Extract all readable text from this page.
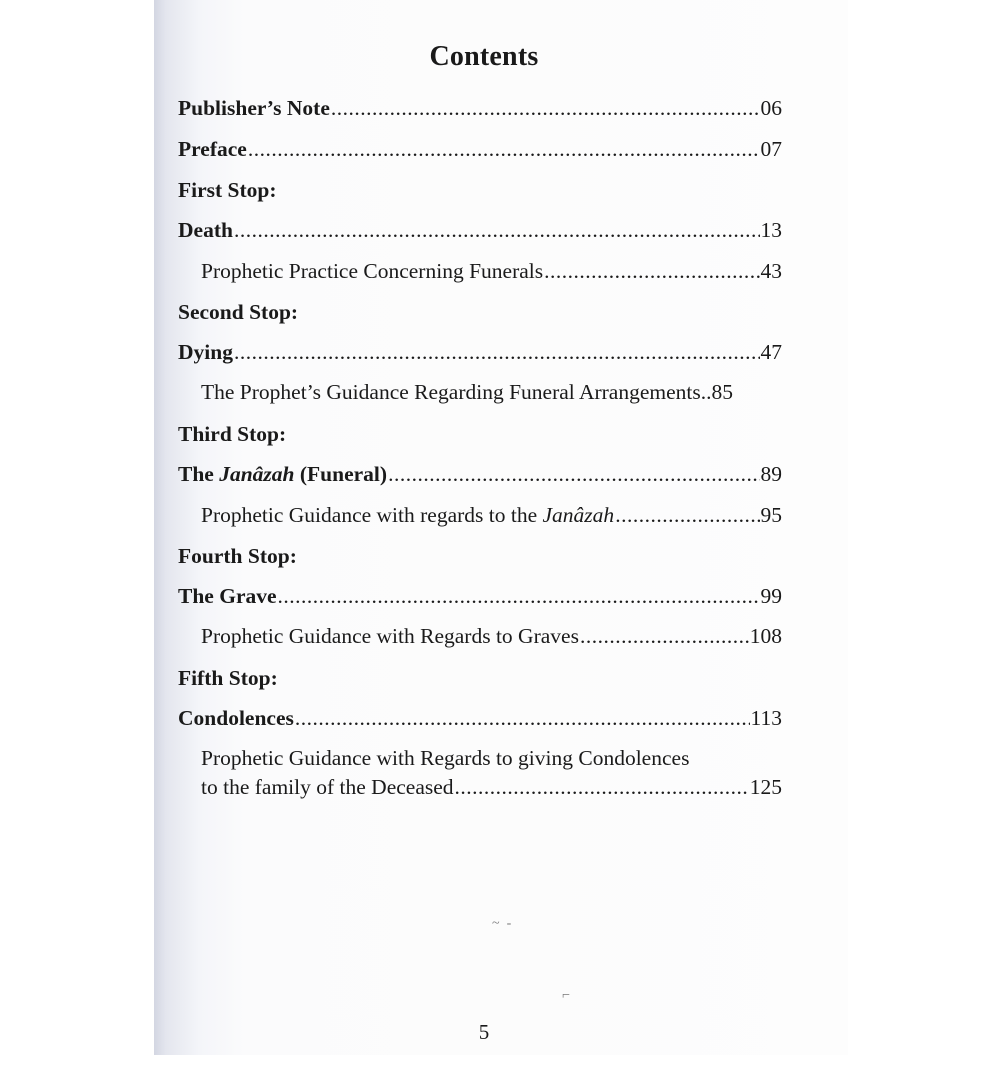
Contents
Publisher’s Note .....	06
Preface .....	07
First Stop:
Death .....	13
Prophetic Practice Concerning Funerals .....	43
Second Stop:
Dying .....	47
The Prophet’s Guidance Regarding Funeral Arrangements ..85
Third Stop:
The Janâzah (Funeral) .....	89
Prophetic Guidance with regards to the Janâzah .....	95
Fourth Stop:
The Grave .....	99
Prophetic Guidance with Regards to Graves .....	108
Fifth Stop:
Condolences .....	113
Prophetic Guidance with Regards to giving Condolences
to the family of the Deceased .....	125
~  -
⌐
5
